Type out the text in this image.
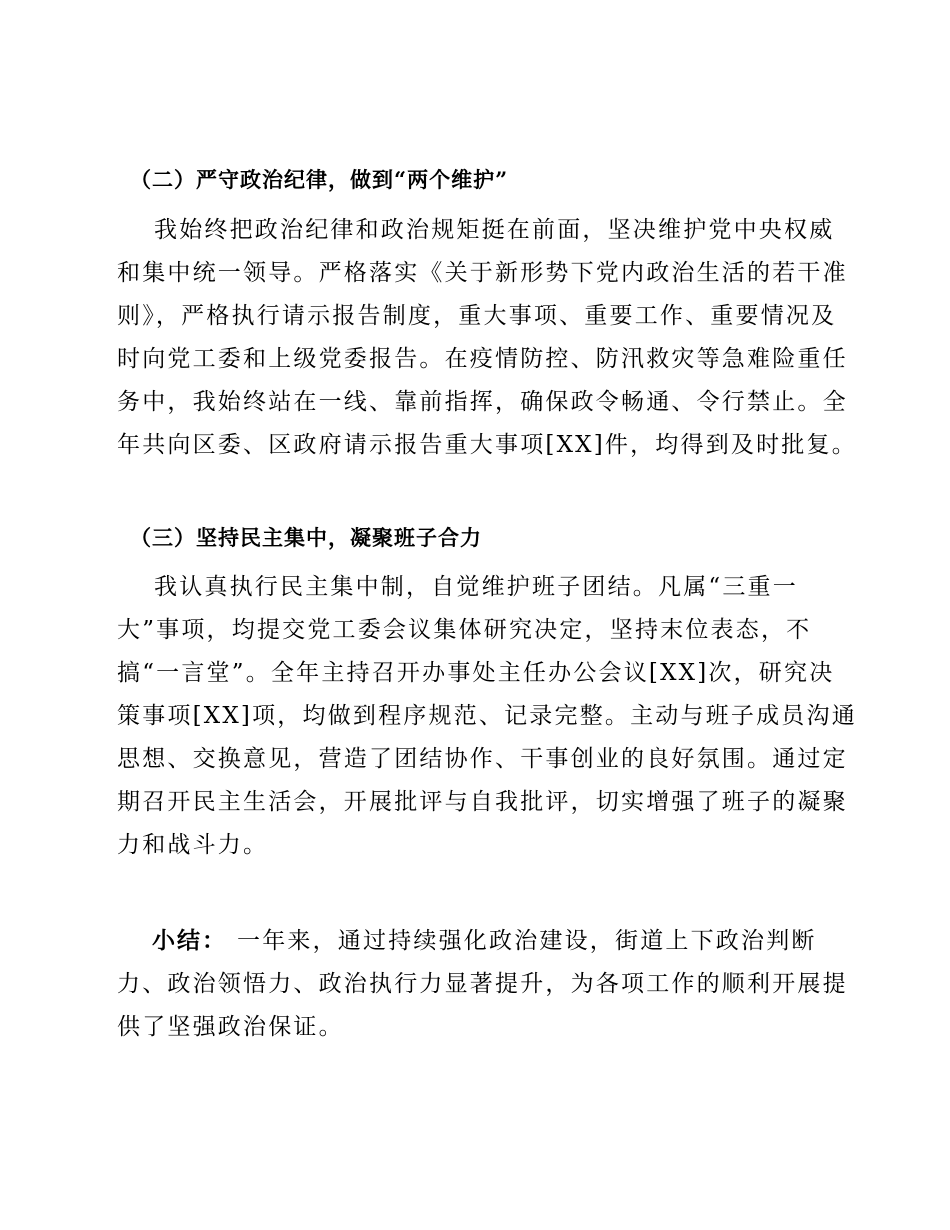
（二）严守政治纪律，做到“两个维护”
我始终把政治纪律和政治规矩挺在前面，坚决维护党中央权威
和集中统一领导。严格落实《关于新形势下党内政治生活的若干准
则》，严格执行请示报告制度，重大事项、重要工作、重要情况及
时向党工委和上级党委报告。在疫情防控、防汛救灾等急难险重任
务中，我始终站在一线、靠前指挥，确保政令畅通、令行禁止。全
年共向区委、区政府请示报告重大事项[XX]件，均得到及时批复。
（三）坚持民主集中，凝聚班子合力
我认真执行民主集中制，自觉维护班子团结。凡属“三重一
大”事项，均提交党工委会议集体研究决定，坚持末位表态，不
搞“一言堂”。全年主持召开办事处主任办公会议[XX]次，研究决
策事项[XX]项，均做到程序规范、记录完整。主动与班子成员沟通
思想、交换意见，营造了团结协作、干事创业的良好氛围。通过定
期召开民主生活会，开展批评与自我批评，切实增强了班子的凝聚
力和战斗力。
小结： 一年来，通过持续强化政治建设，街道上下政治判断
力、政治领悟力、政治执行力显著提升，为各项工作的顺利开展提
供了坚强政治保证。
